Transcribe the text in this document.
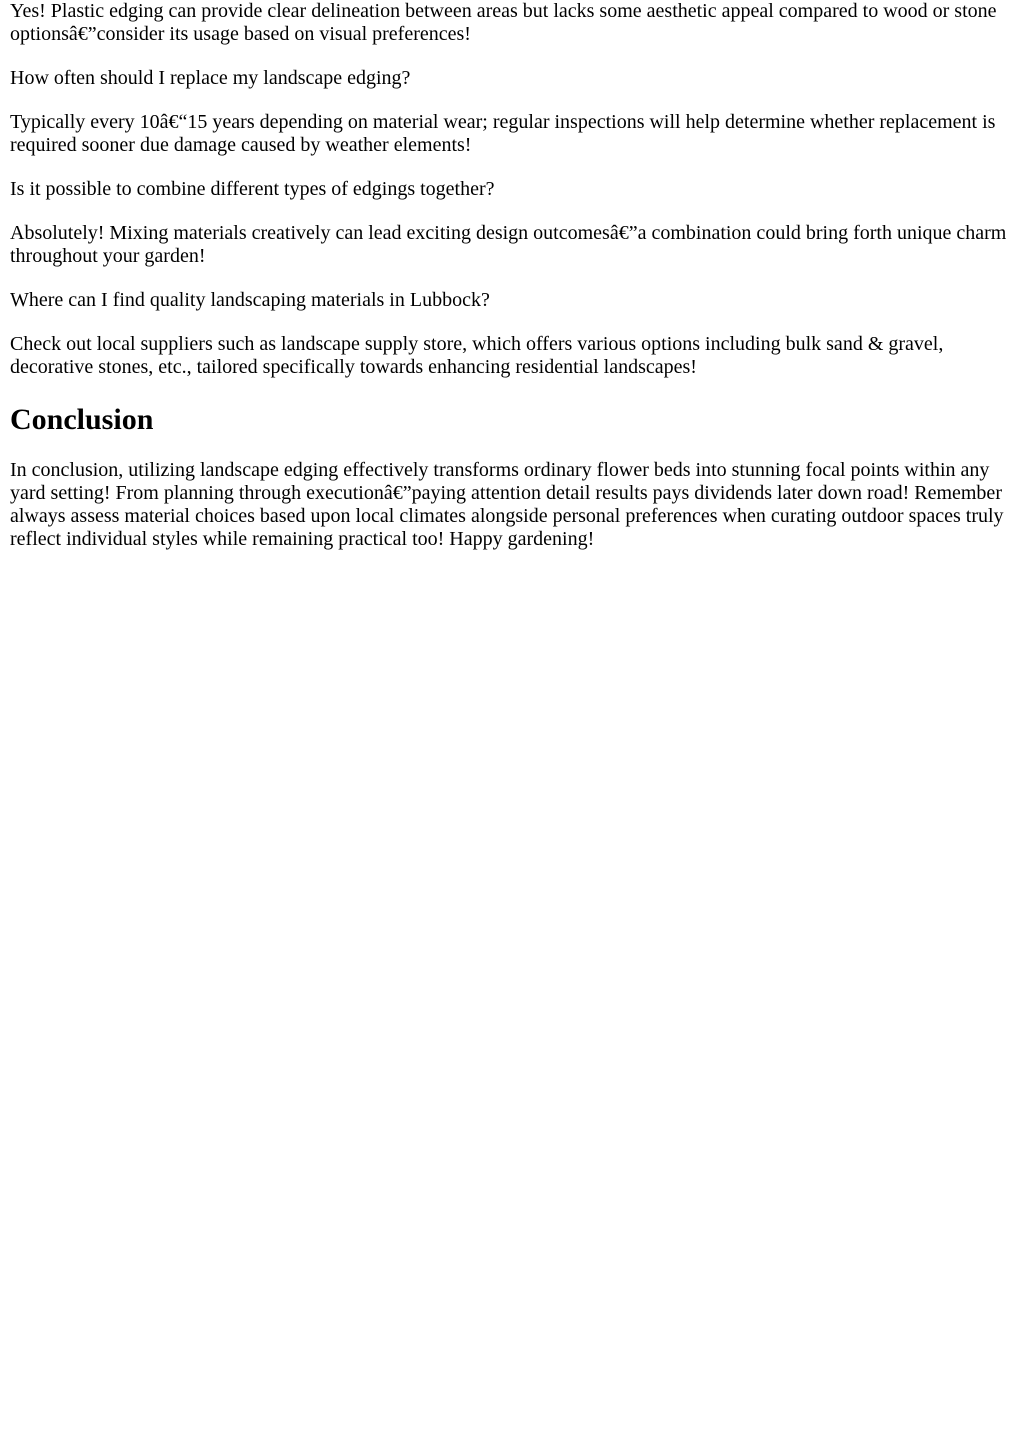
Yes! Plastic edging can provide clear delineation between areas but lacks some aesthetic appeal compared to wood or stone optionsâ€”consider its usage based on visual preferences!

How often should I replace my landscape edging?

Typically every 10â€“15 years depending on material wear; regular inspections will help determine whether replacement is required sooner due damage caused by weather elements!

Is it possible to combine different types of edgings together?

Absolutely! Mixing materials creatively can lead exciting design outcomesâ€”a combination could bring forth unique charm throughout your garden!

Where can I find quality landscaping materials in Lubbock?

Check out local suppliers such as landscape supply store, which offers various options including bulk sand & gravel, decorative stones, etc., tailored specifically towards enhancing residential landscapes!

Conclusion

In conclusion, utilizing landscape edging effectively transforms ordinary flower beds into stunning focal points within any yard setting! From planning through executionâ€”paying attention detail results pays dividends later down road! Remember always assess material choices based upon local climates alongside personal preferences when curating outdoor spaces truly reflect individual styles while remaining practical too! Happy gardening!
